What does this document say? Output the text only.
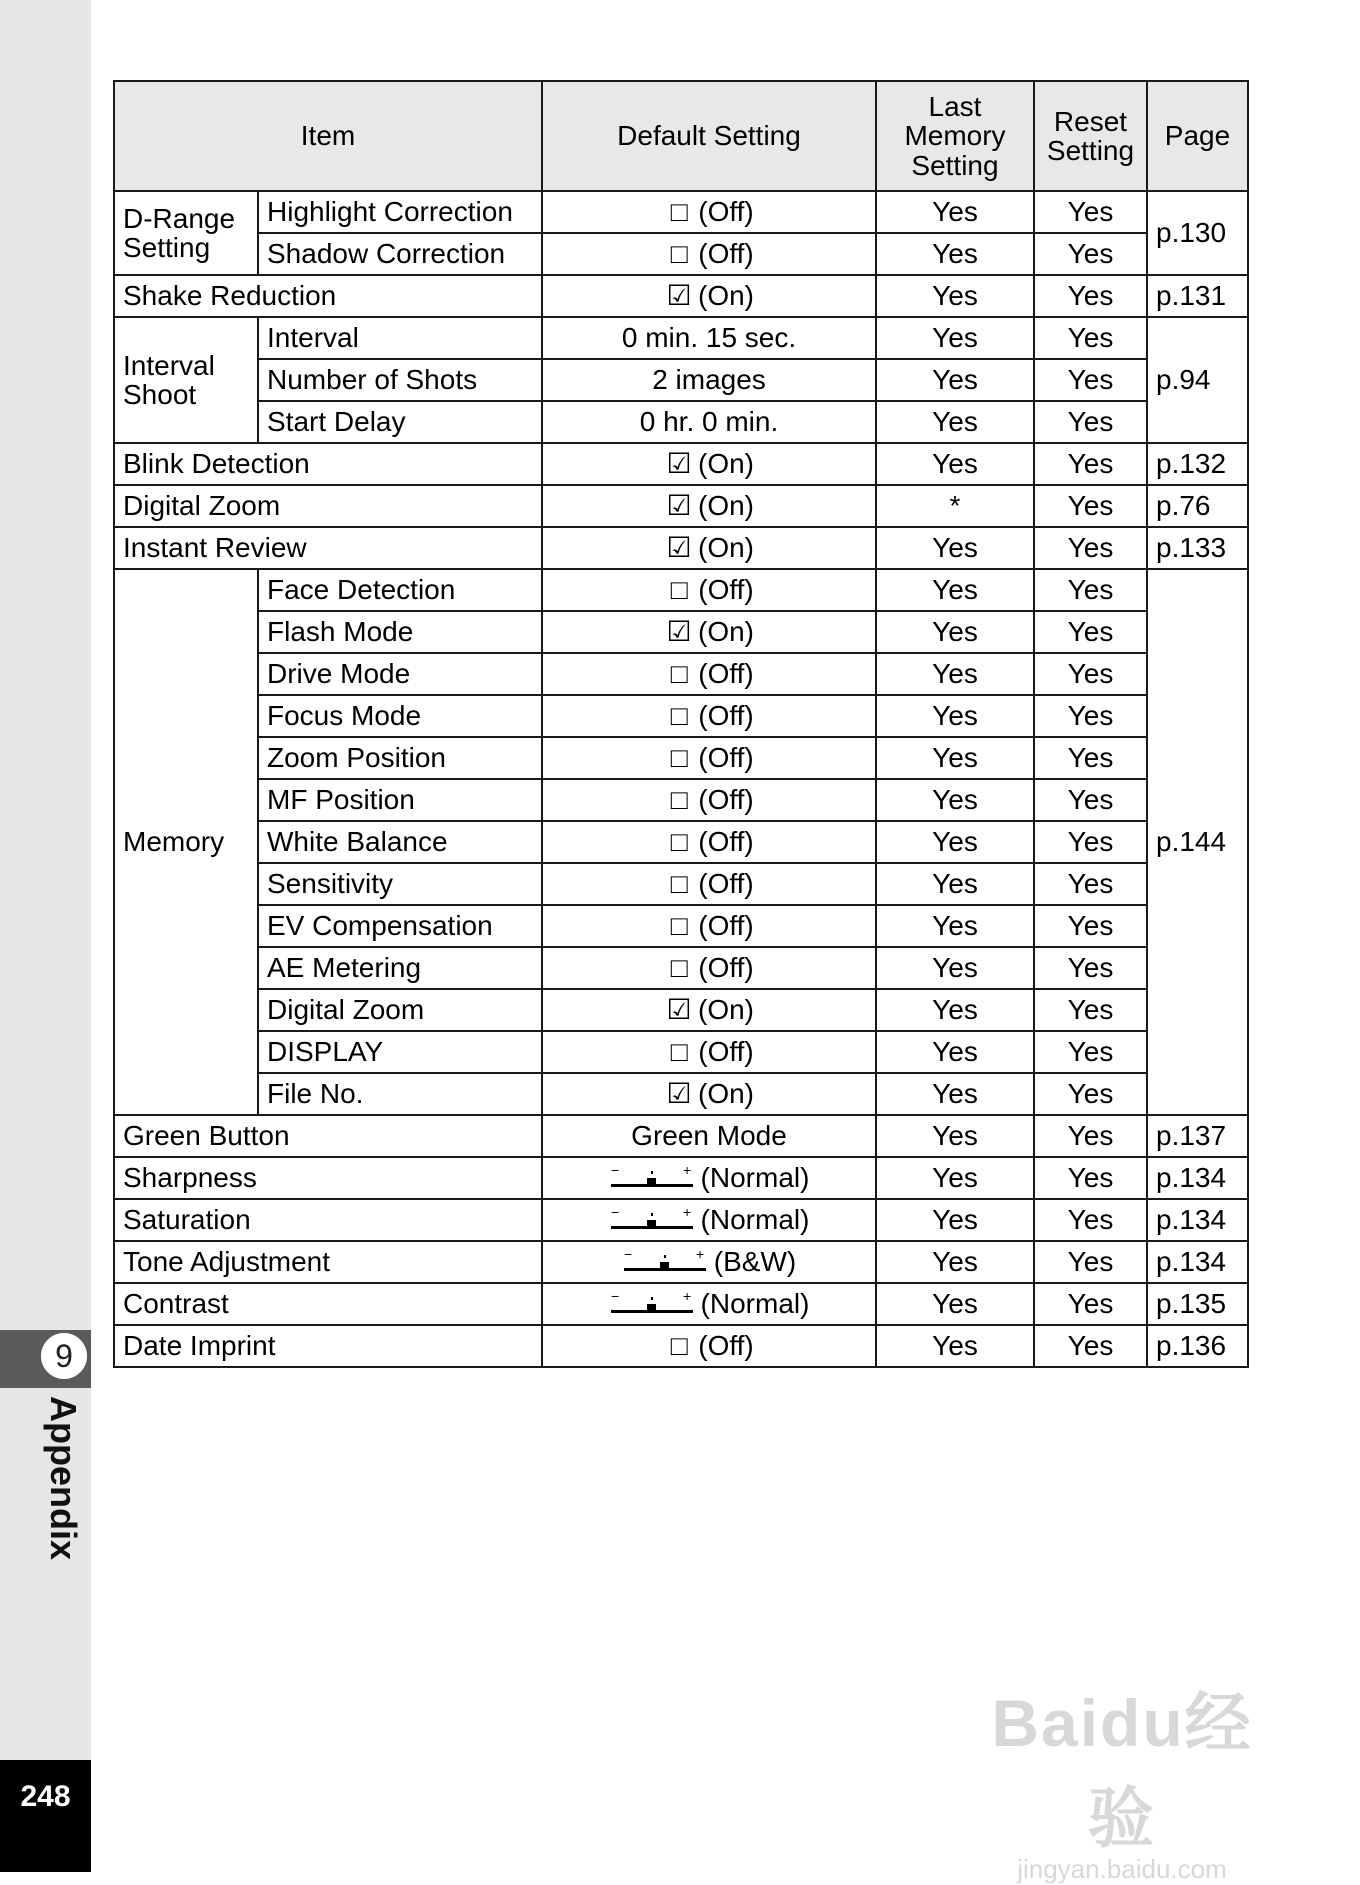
9
Appendix
248
Item		Default Setting	Last Memory Setting	Reset Setting	Page
D-Range Setting	Highlight Correction	□ (Off)	Yes	Yes	p.130
	Shadow Correction	□ (Off)	Yes	Yes	
Shake Reduction		☑ (On)	Yes	Yes	p.131
Interval Shoot	Interval	0 min. 15 sec.	Yes	Yes	p.94
	Number of Shots	2 images	Yes	Yes	
	Start Delay	0 hr. 0 min.	Yes	Yes	
Blink Detection		☑ (On)	Yes	Yes	p.132
Digital Zoom		☑ (On)	*	Yes	p.76
Instant Review		☑ (On)	Yes	Yes	p.133
Memory	Face Detection	□ (Off)	Yes	Yes	p.144
	Flash Mode	☑ (On)	Yes	Yes	
	Drive Mode	□ (Off)	Yes	Yes	
	Focus Mode	□ (Off)	Yes	Yes	
	Zoom Position	□ (Off)	Yes	Yes	
	MF Position	□ (Off)	Yes	Yes	
	White Balance	□ (Off)	Yes	Yes	
	Sensitivity	□ (Off)	Yes	Yes	
	EV Compensation	□ (Off)	Yes	Yes	
	AE Metering	□ (Off)	Yes	Yes	
	Digital Zoom	☑ (On)	Yes	Yes	
	DISPLAY	□ (Off)	Yes	Yes	
	File No.	☑ (On)	Yes	Yes	
Green Button		Green Mode	Yes	Yes	p.137
Sharpness		− + (Normal)	Yes	Yes	p.134
Saturation		− + (Normal)	Yes	Yes	p.134
Tone Adjustment		− + (B&W)	Yes	Yes	p.134
Contrast		− + (Normal)	Yes	Yes	p.135
Date Imprint		□ (Off)	Yes	Yes	p.136
Baidu经验
jingyan.baidu.com
